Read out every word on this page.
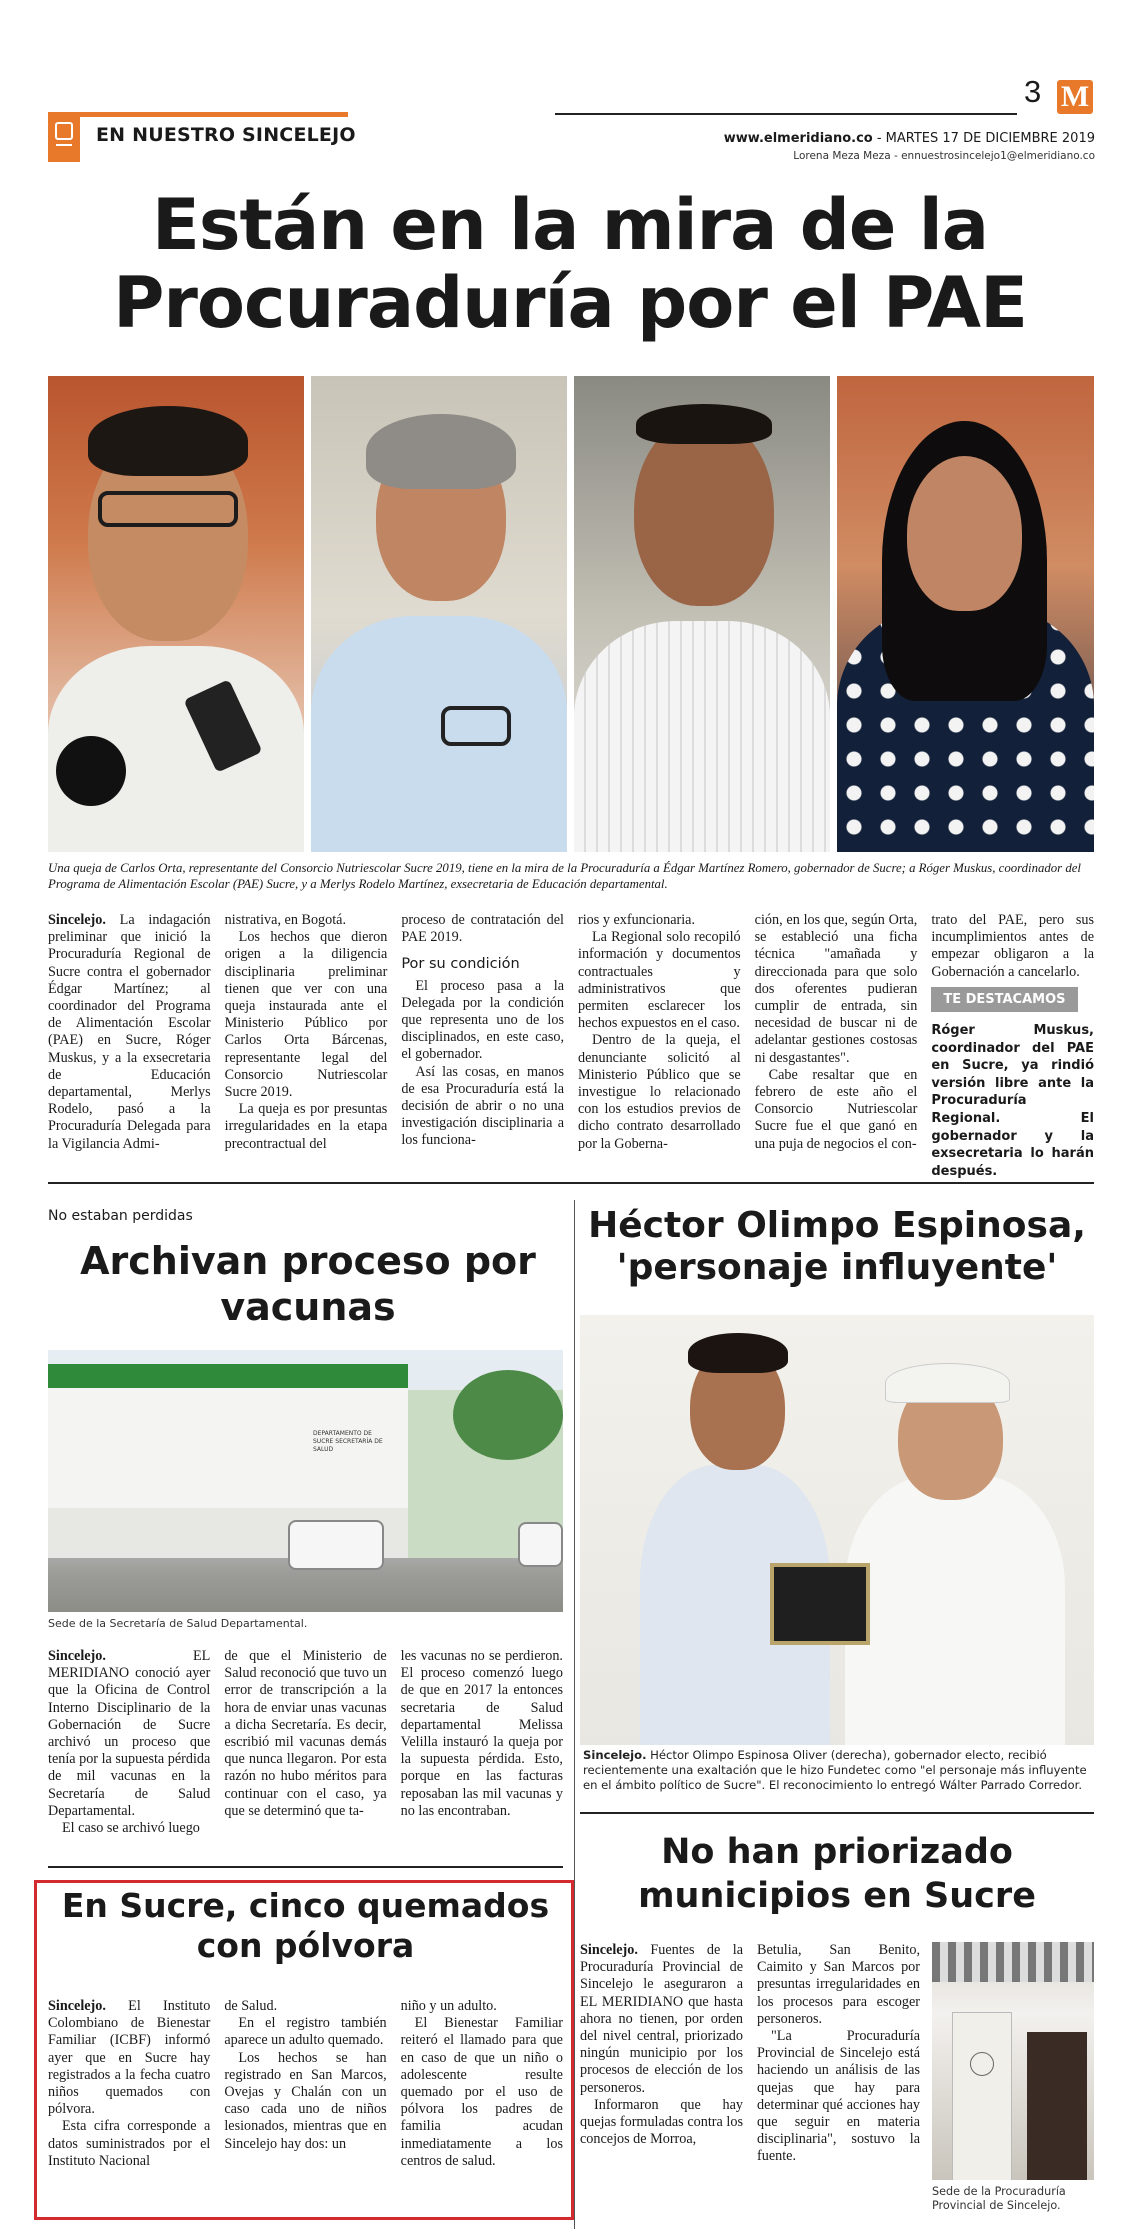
EN NUESTRO SINCELEJO
3 M
www.elmeridiano.co - MARTES 17 DE DICIEMBRE 2019
Lorena Meza Meza - ennuestrosincelejo1@elmeridiano.co
Están en la mira de la Procuraduría por el PAE
Una queja de Carlos Orta, representante del Consorcio Nutriescolar Sucre 2019, tiene en la mira de la Procuraduría a Édgar Martínez Romero, gobernador de Sucre; a Róger Muskus, coordinador del Programa de Alimentación Escolar (PAE) Sucre, y a Merlys Rodelo Martínez, exsecretaria de Educación departamental.

Sincelejo. La indagación preliminar que inició la Procuraduría Regional de Sucre contra el gobernador Édgar Martínez; al coordinador del Programa de Alimentación Escolar (PAE) en Sucre, Róger Muskus, y a la exsecretaria de Educación departamental, Merlys Rodelo, pasó a la Procuraduría Delegada para la Vigilancia Admi-

nistrativa, en Bogotá.

Los hechos que dieron origen a la diligencia disciplinaria preliminar tienen que ver con una queja instaurada ante el Ministerio Público por Carlos Orta Bárcenas, representante legal del Consorcio Nutriescolar Sucre 2019.

La queja es por presuntas irregularidades en la etapa precontractual del

proceso de contratación del PAE 2019.

Por su condición

El proceso pasa a la Delegada por la condición que representa uno de los disciplinados, en este caso, el gobernador.

Así las cosas, en manos de esa Procuraduría está la decisión de abrir o no una investigación disciplinaria a los funciona-

rios y exfuncionaria.

La Regional solo recopiló información y documentos contractuales y administrativos que permiten esclarecer los hechos expuestos en el caso.

Dentro de la queja, el denunciante solicitó al Ministerio Público que se investigue lo relacionado con los estudios previos de dicho contrato desarrollado por la Goberna-

ción, en los que, según Orta, se estableció una ficha técnica "amañada y direccionada para que solo dos oferentes pudieran cumplir de entrada, sin necesidad de buscar ni de adelantar gestiones costosas ni desgastantes".

Cabe resaltar que en febrero de este año el Consorcio Nutriescolar Sucre fue el que ganó en una puja de negocios el con-

trato del PAE, pero sus incumplimientos antes de empezar obligaron a la Gobernación a cancelarlo.

TE DESTACAMOS
Róger Muskus, coordinador del PAE en Sucre, ya rindió versión libre ante la Procuraduría Regional. El gobernador y la exsecretaria lo harán después.
No estaban perdidas
Archivan proceso por vacunas
DEPARTAMENTO DE SUCRE SECRETARÍA DE SALUD
Sede de la Secretaría de Salud Departamental.

Sincelejo. EL MERIDIANO conoció ayer que la Oficina de Control Interno Disciplinario de la Gobernación de Sucre archivó un proceso que tenía por la supuesta pérdida de mil vacunas en la Secretaría de Salud Departamental.

El caso se archivó luego

de que el Ministerio de Salud reconoció que tuvo un error de transcripción a la hora de enviar unas vacunas a dicha Secretaría. Es decir, escribió mil vacunas demás que nunca llegaron. Por esta razón no hubo méritos para continuar con el caso, ya que se determinó que ta-

les vacunas no se perdieron. El proceso comenzó luego de que en 2017 la entonces secretaria de Salud departamental Melissa Velilla instauró la queja por la supuesta pérdida. Esto, porque en las facturas reposaban las mil vacunas y no las encontraban.

Héctor Olimpo Espinosa, 'personaje influyente'
Sincelejo. Héctor Olimpo Espinosa Oliver (derecha), gobernador electo, recibió recientemente una exaltación que le hizo Fundetec como "el personaje más influyente en el ámbito político de Sucre". El reconocimiento lo entregó Wálter Parrado Corredor.
En Sucre, cinco quemados con pólvora

Sincelejo. El Instituto Colombiano de Bienestar Familiar (ICBF) informó ayer que en Sucre hay registrados a la fecha cuatro niños quemados con pólvora.

Esta cifra corresponde a datos suministrados por el Instituto Nacional

de Salud.

En el registro también aparece un adulto quemado.

Los hechos se han registrado en San Marcos, Ovejas y Chalán con un caso cada uno de niños lesionados, mientras que en Sincelejo hay dos: un

niño y un adulto.

El Bienestar Familiar reiteró el llamado para que en caso de que un niño o adolescente resulte quemado por el uso de pólvora los padres de familia acudan inmediatamente a los centros de salud.

No han priorizado municipios en Sucre

Sincelejo. Fuentes de la Procuraduría Provincial de Sincelejo le aseguraron a EL MERIDIANO que hasta ahora no tienen, por orden del nivel central, priorizado ningún municipio por los procesos de elección de los personeros.

Informaron que hay quejas formuladas contra los concejos de Morroa,

Betulia, San Benito, Caimito y San Marcos por presuntas irregularidades en los procesos para escoger personeros.

"La Procuraduría Provincial de Sincelejo está haciendo un análisis de las quejas que hay para determinar qué acciones hay que seguir en materia disciplinaria", sostuvo la fuente.

Sede de la Procuraduría Provincial de Sincelejo.
